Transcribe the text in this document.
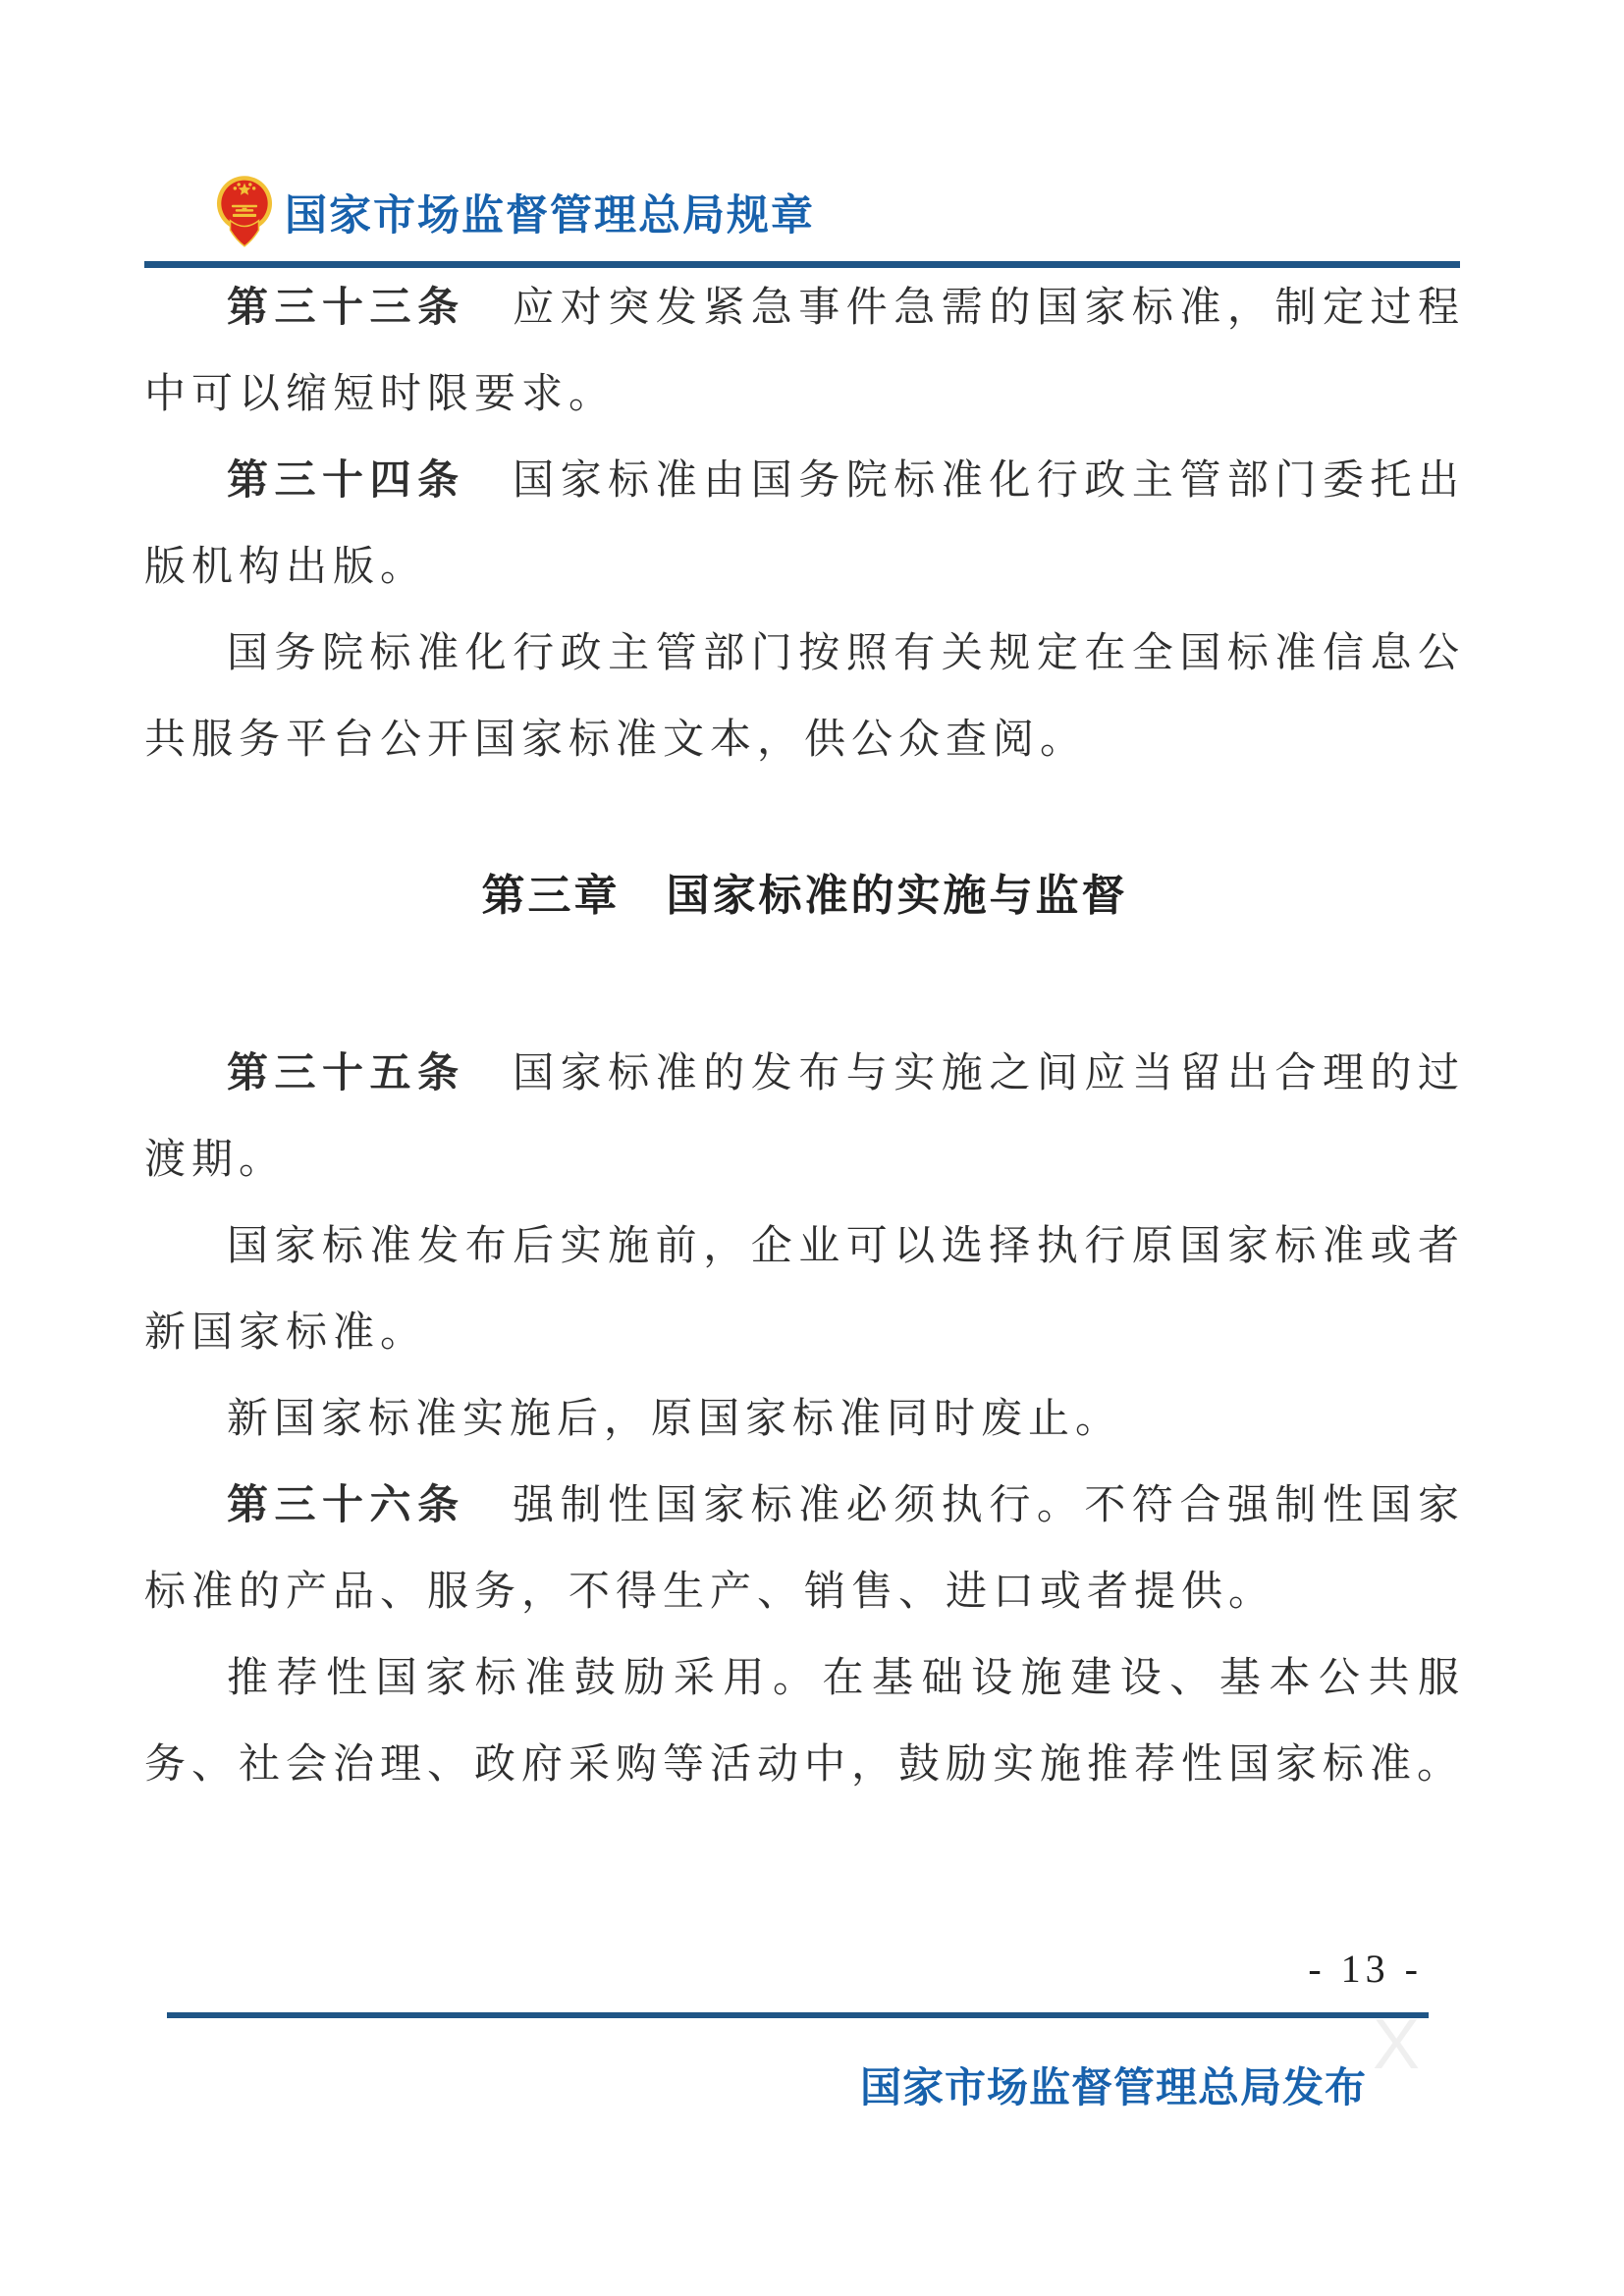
国家市场监督管理总局规章

第三十三条　应对突发紧急事件急需的国家标准，制定过程中可以缩短时限要求。

第三十四条　国家标准由国务院标准化行政主管部门委托出版机构出版。

国务院标准化行政主管部门按照有关规定在全国标准信息公共服务平台公开国家标准文本，供公众查阅。

第三章　国家标准的实施与监督

第三十五条　国家标准的发布与实施之间应当留出合理的过渡期。

国家标准发布后实施前，企业可以选择执行原国家标准或者新国家标准。

新国家标准实施后，原国家标准同时废止。

第三十六条　强制性国家标准必须执行。不符合强制性国家标准的产品、服务，不得生产、销售、进口或者提供。

推荐性国家标准鼓励采用。在基础设施建设、基本公共服务、社会治理、政府采购等活动中，鼓励实施推荐性国家标准。

- 13 -
国家市场监督管理总局发布
X
